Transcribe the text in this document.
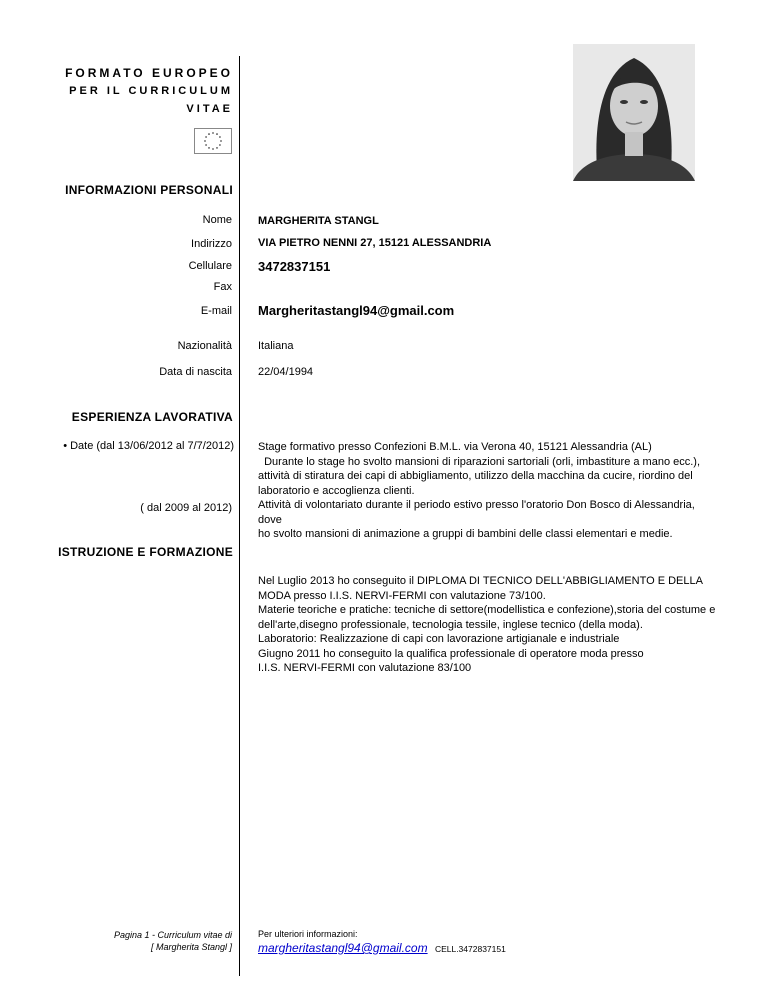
FORMATO EUROPEO
PER IL CURRICULUM
VITAE
INFORMAZIONI PERSONALI
Nome MARGHERITA STANGL
Indirizzo VIA PIETRO NENNI 27, 15121 ALESSANDRIA
Cellulare 3472837151
Fax
E-mail Margheritastangl94@gmail.com
Nazionalità Italiana
Data di nascita 22/04/1994
ESPERIENZA LAVORATIVA
• Date (dal 13/06/2012 al 7/7/2012) Stage formativo presso Confezioni B.M.L. via Verona 40, 15121 Alessandria (AL)
Durante lo stage ho svolto mansioni di riparazioni sartoriali (orli, imbastiture a mano ecc.),
attività di stiratura dei capi di abbigliamento, utilizzo della macchina da cucire, riordino del
laboratorio e accoglienza clienti.
Attività di volontariato durante il periodo estivo presso l'oratorio Don Bosco di Alessandria, dove
ho svolto mansioni di animazione a gruppi di bambini delle classi elementari e medie.
( dal 2009 al 2012)
ISTRUZIONE E FORMAZIONE
Nel Luglio 2013 ho conseguito il DIPLOMA DI TECNICO DELL'ABBIGLIAMENTO E DELLA
MODA presso I.I.S. NERVI-FERMI con valutazione 73/100.
Materie teoriche e pratiche: tecniche di settore(modellistica e confezione),storia del costume e
dell'arte,disegno professionale, tecnologia tessile, inglese tecnico (della moda).
Laboratorio: Realizzazione di capi con lavorazione artigianale e industriale
Giugno 2011 ho conseguito la qualifica professionale di operatore moda presso
I.I.S. NERVI-FERMI con valutazione 83/100
Pagina 1 - Curriculum vitae di
[ Margherita Stangl ]
Per ulteriori informazioni:
margheritastangl94@gmail.com CELL.3472837151
